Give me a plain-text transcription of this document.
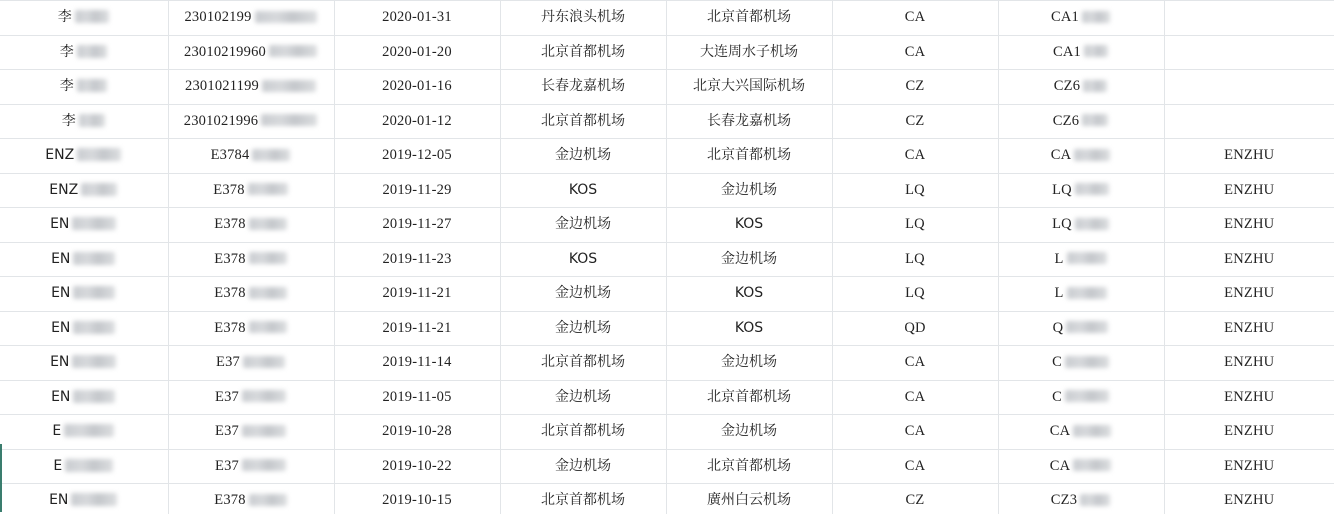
李	230102199	2020-01-31	丹东浪头机场	北京首都机场	CA	CA1	

李	23010219960	2020-01-20	北京首都机场	大连周水子机场	CA	CA1	

李	2301021199	2020-01-16	长春龙嘉机场	北京大兴国际机场	CZ	CZ6	

李	2301021996	2020-01-12	北京首都机场	长春龙嘉机场	CZ	CZ6	

ENZ	E3784	2019-12-05	金边机场	北京首都机场	CA	CA	ENZHU

ENZ	E378	2019-11-29	KOS	金边机场	LQ	LQ	ENZHU

EN	E378	2019-11-27	金边机场	KOS	LQ	LQ	ENZHU

EN	E378	2019-11-23	KOS	金边机场	LQ	L	ENZHU

EN	E378	2019-11-21	金边机场	KOS	LQ	L	ENZHU

EN	E378	2019-11-21	金边机场	KOS	QD	Q	ENZHU

EN	E37	2019-11-14	北京首都机场	金边机场	CA	C	ENZHU

EN	E37	2019-11-05	金边机场	北京首都机场	CA	C	ENZHU

E	E37	2019-10-28	北京首都机场	金边机场	CA	CA	ENZHU

E	E37	2019-10-22	金边机场	北京首都机场	CA	CA	ENZHU

EN	E378	2019-10-15	北京首都机场	廣州白云机场	CZ	CZ3	ENZHU
